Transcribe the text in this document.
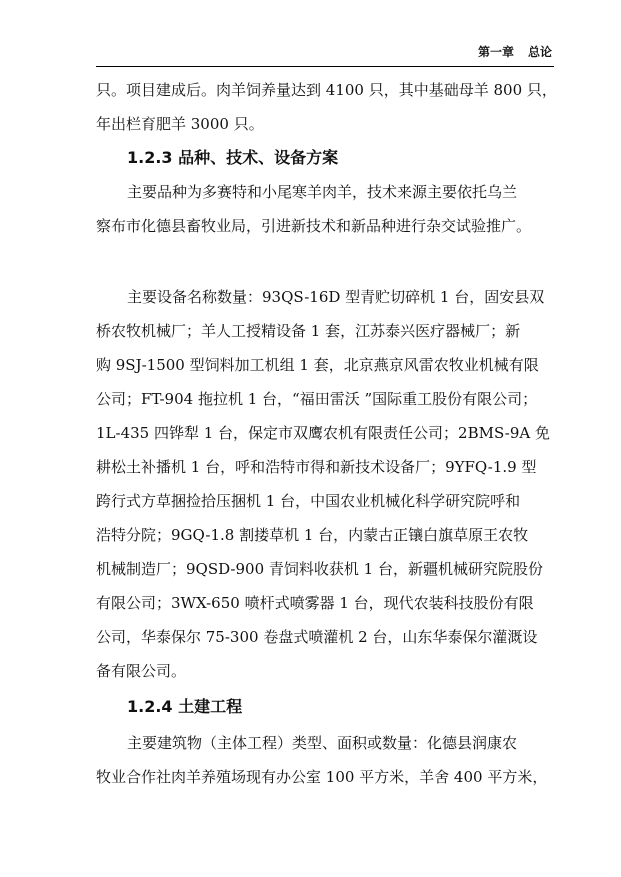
第一章 总论
只。项目建成后。肉羊饲养量达到 4100 只，其中基础母羊 800 只，
年出栏育肥羊 3000 只。
1.2.3 品种、技术、设备方案
主要品种为多赛特和小尾寒羊肉羊，技术来源主要依托乌兰
察布市化德县畜牧业局，引进新技术和新品种进行杂交试验推广。
主要设备名称数量：93QS-16D 型青贮切碎机 1 台，固安县双
桥农牧机械厂；羊人工授精设备 1 套，江苏泰兴医疗器械厂；新
购 9SJ-1500 型饲料加工机组 1 套，北京燕京风雷农牧业机械有限
公司；FT-904 拖拉机 1 台，“福田雷沃 ”国际重工股份有限公司；
1L-435 四铧犁 1 台，保定市双鹰农机有限责任公司；2BMS-9A 免
耕松土补播机 1 台，呼和浩特市得和新技术设备厂；9YFQ-1.9 型
跨行式方草捆捡拾压捆机 1 台，中国农业机械化科学研究院呼和
浩特分院；9GQ-1.8 割搂草机 1 台，内蒙古正镶白旗草原王农牧
机械制造厂；9QSD-900 青饲料收获机 1 台，新疆机械研究院股份
有限公司；3WX-650 喷杆式喷雾器 1 台，现代农装科技股份有限
公司，华泰保尔 75-300 卷盘式喷灌机 2 台，山东华泰保尔灌溉设
备有限公司。
1.2.4 土建工程
主要建筑物（主体工程）类型、面积或数量：化德县润康农
牧业合作社肉羊养殖场现有办公室 100 平方米，羊舍 400 平方米，
